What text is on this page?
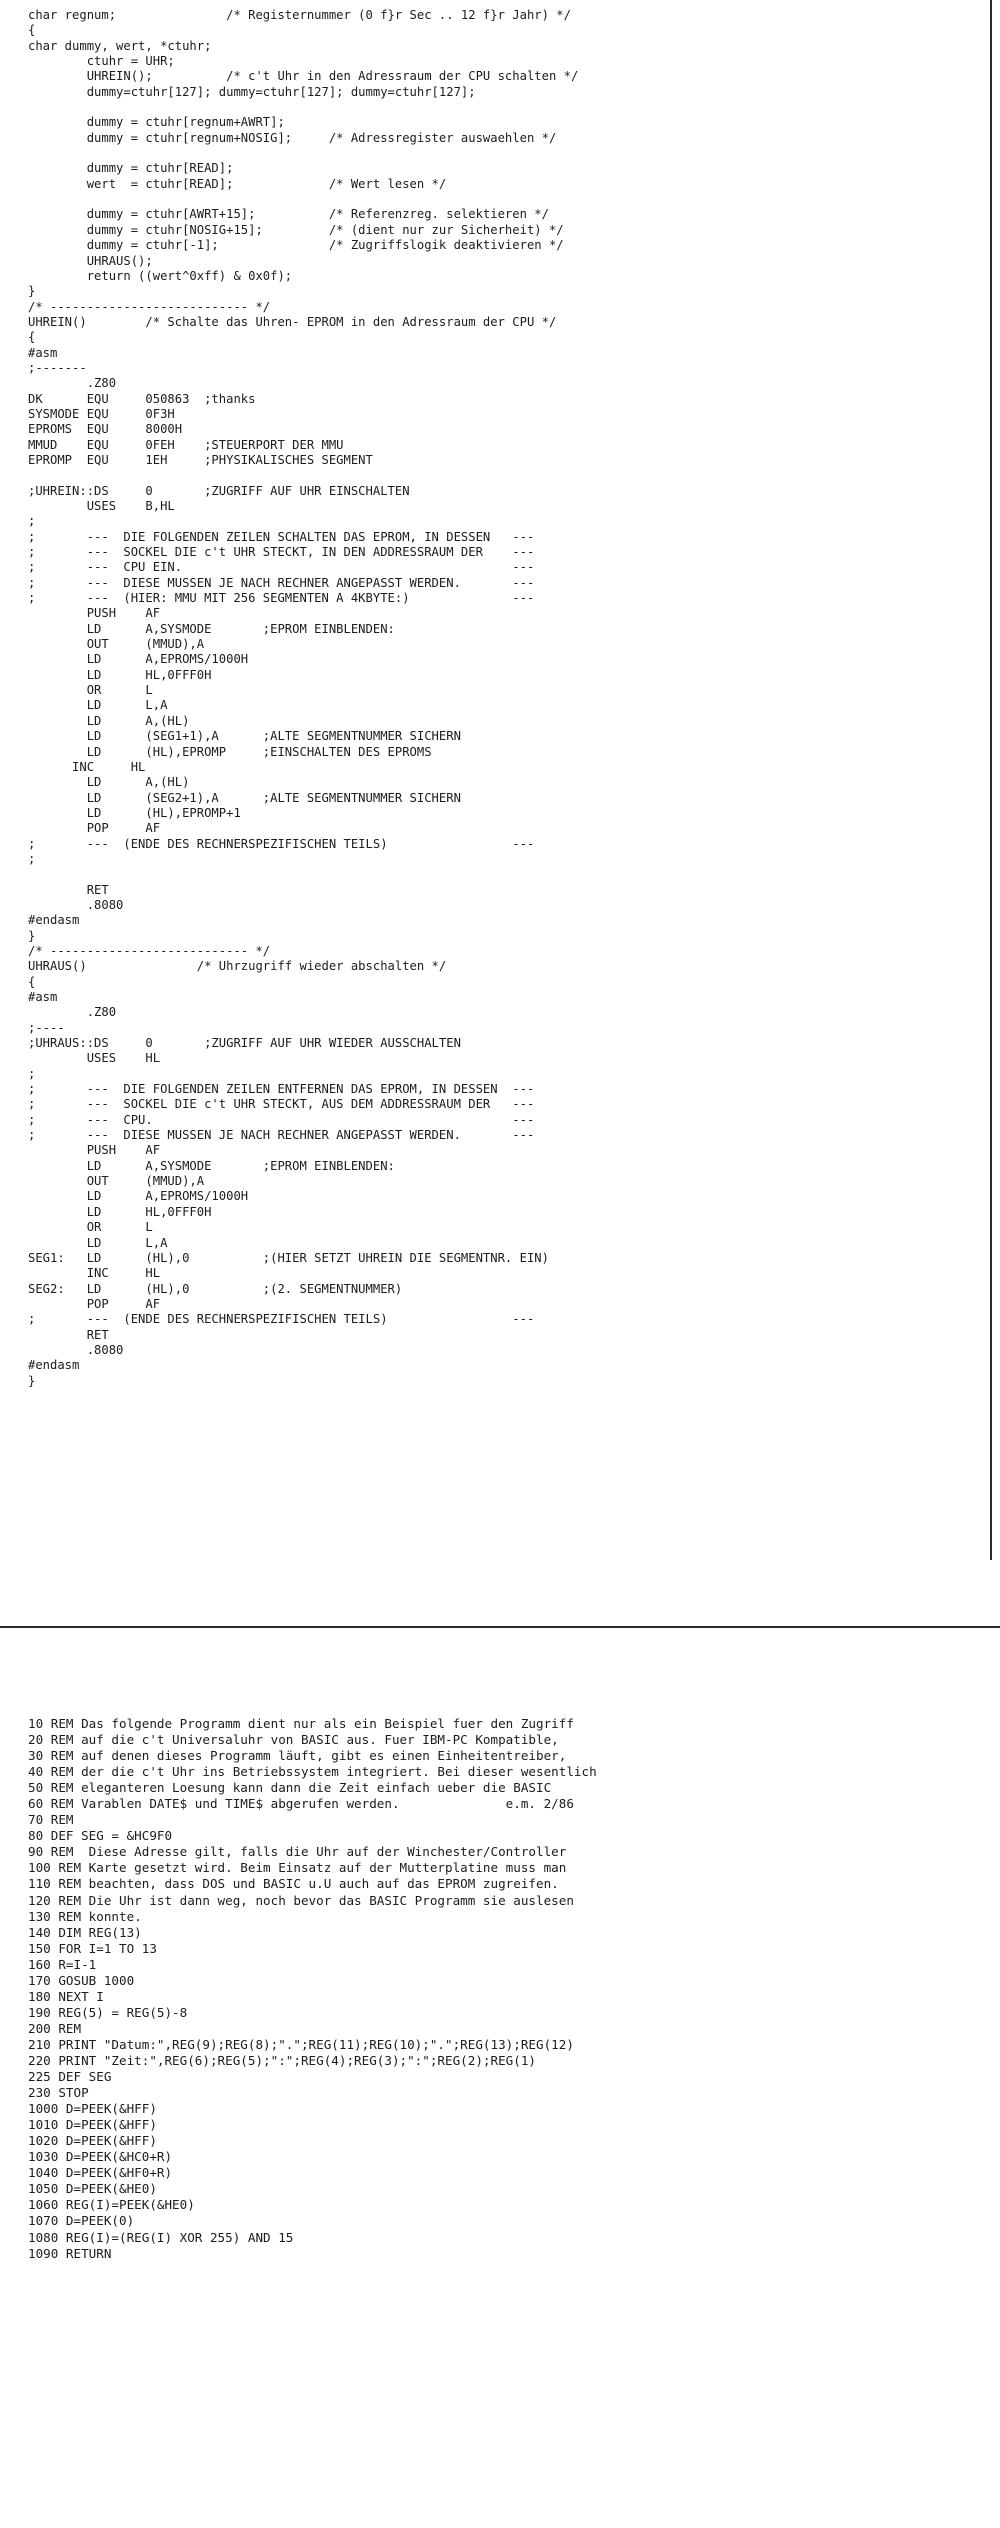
char regnum;               /* Registernummer (0 f}r Sec .. 12 f}r Jahr) */
{
char dummy, wert, *ctuhr;
ctuhr = UHR;
UHREIN();          /* c't Uhr in den Adressraum der CPU schalten */
dummy=ctuhr[127]; dummy=ctuhr[127]; dummy=ctuhr[127];
dummy = ctuhr[regnum+AWRT];
dummy = ctuhr[regnum+NOSIG];     /* Adressregister auswaehlen */
dummy = ctuhr[READ];
wert  = ctuhr[READ];             /* Wert lesen */
dummy = ctuhr[AWRT+15];          /* Referenzreg. selektieren */
dummy = ctuhr[NOSIG+15];         /* (dient nur zur Sicherheit) */
dummy = ctuhr[-1];               /* Zugriffslogik deaktivieren */
UHRAUS();
return ((wert^0xff) & 0x0f);
}
/* --------------------------- */
UHREIN()        /* Schalte das Uhren- EPROM in den Adressraum der CPU */
{
#asm
;-------
.Z80
DK      EQU     050863  ;thanks
SYSMODE EQU     0F3H
EPROMS  EQU     8000H
MMUD    EQU     0FEH    ;STEUERPORT DER MMU
EPROMP  EQU     1EH     ;PHYSIKALISCHES SEGMENT
;UHREIN::DS     0       ;ZUGRIFF AUF UHR EINSCHALTEN
USES    B,HL
;
;       ---  DIE FOLGENDEN ZEILEN SCHALTEN DAS EPROM, IN DESSEN   ---
;       ---  SOCKEL DIE c't UHR STECKT, IN DEN ADDRESSRAUM DER    ---
;       ---  CPU EIN.                                             ---
;       ---  DIESE MUSSEN JE NACH RECHNER ANGEPASST WERDEN.       ---
;       ---  (HIER: MMU MIT 256 SEGMENTEN A 4KBYTE:)              ---
PUSH    AF
LD      A,SYSMODE       ;EPROM EINBLENDEN:
OUT     (MMUD),A
LD      A,EPROMS/1000H
LD      HL,0FFF0H
OR      L
LD      L,A
LD      A,(HL)
LD      (SEG1+1),A      ;ALTE SEGMENTNUMMER SICHERN
LD      (HL),EPROMP     ;EINSCHALTEN DES EPROMS
INC     HL
LD      A,(HL)
LD      (SEG2+1),A      ;ALTE SEGMENTNUMMER SICHERN
LD      (HL),EPROMP+1
POP     AF
;       ---  (ENDE DES RECHNERSPEZIFISCHEN TEILS)                 ---
;
RET
.8080
#endasm
}
/* --------------------------- */
UHRAUS()               /* Uhrzugriff wieder abschalten */
{
#asm
.Z80
;----
;UHRAUS::DS     0       ;ZUGRIFF AUF UHR WIEDER AUSSCHALTEN
USES    HL
;
;       ---  DIE FOLGENDEN ZEILEN ENTFERNEN DAS EPROM, IN DESSEN  ---
;       ---  SOCKEL DIE c't UHR STECKT, AUS DEM ADDRESSRAUM DER   ---
;       ---  CPU.                                                 ---
;       ---  DIESE MUSSEN JE NACH RECHNER ANGEPASST WERDEN.       ---
PUSH    AF
LD      A,SYSMODE       ;EPROM EINBLENDEN:
OUT     (MMUD),A
LD      A,EPROMS/1000H
LD      HL,0FFF0H
OR      L
LD      L,A
SEG1:   LD      (HL),0          ;(HIER SETZT UHREIN DIE SEGMENTNR. EIN)
INC     HL
SEG2:   LD      (HL),0          ;(2. SEGMENTNUMMER)
POP     AF
;       ---  (ENDE DES RECHNERSPEZIFISCHEN TEILS)                 ---
RET
.8080
#endasm
}
10 REM Das folgende Programm dient nur als ein Beispiel fuer den Zugriff
20 REM auf die c't Universaluhr von BASIC aus. Fuer IBM-PC Kompatible,
30 REM auf denen dieses Programm läuft, gibt es einen Einheitentreiber,
40 REM der die c't Uhr ins Betriebssystem integriert. Bei dieser wesentlich
50 REM eleganteren Loesung kann dann die Zeit einfach ueber die BASIC
60 REM Varablen DATE$ und TIME$ abgerufen werden.              e.m. 2/86
70 REM
80 DEF SEG = &HC9F0
90 REM  Diese Adresse gilt, falls die Uhr auf der Winchester/Controller
100 REM Karte gesetzt wird. Beim Einsatz auf der Mutterplatine muss man
110 REM beachten, dass DOS und BASIC u.U auch auf das EPROM zugreifen.
120 REM Die Uhr ist dann weg, noch bevor das BASIC Programm sie auslesen
130 REM konnte.
140 DIM REG(13)
150 FOR I=1 TO 13
160 R=I-1
170 GOSUB 1000
180 NEXT I
190 REG(5) = REG(5)-8
200 REM
210 PRINT "Datum:",REG(9);REG(8);".";REG(11);REG(10);".";REG(13);REG(12)
220 PRINT "Zeit:",REG(6);REG(5);":";REG(4);REG(3);":";REG(2);REG(1)
225 DEF SEG
230 STOP
1000 D=PEEK(&HFF)
1010 D=PEEK(&HFF)
1020 D=PEEK(&HFF)
1030 D=PEEK(&HC0+R)
1040 D=PEEK(&HF0+R)
1050 D=PEEK(&HE0)
1060 REG(I)=PEEK(&HE0)
1070 D=PEEK(0)
1080 REG(I)=(REG(I) XOR 255) AND 15
1090 RETURN
